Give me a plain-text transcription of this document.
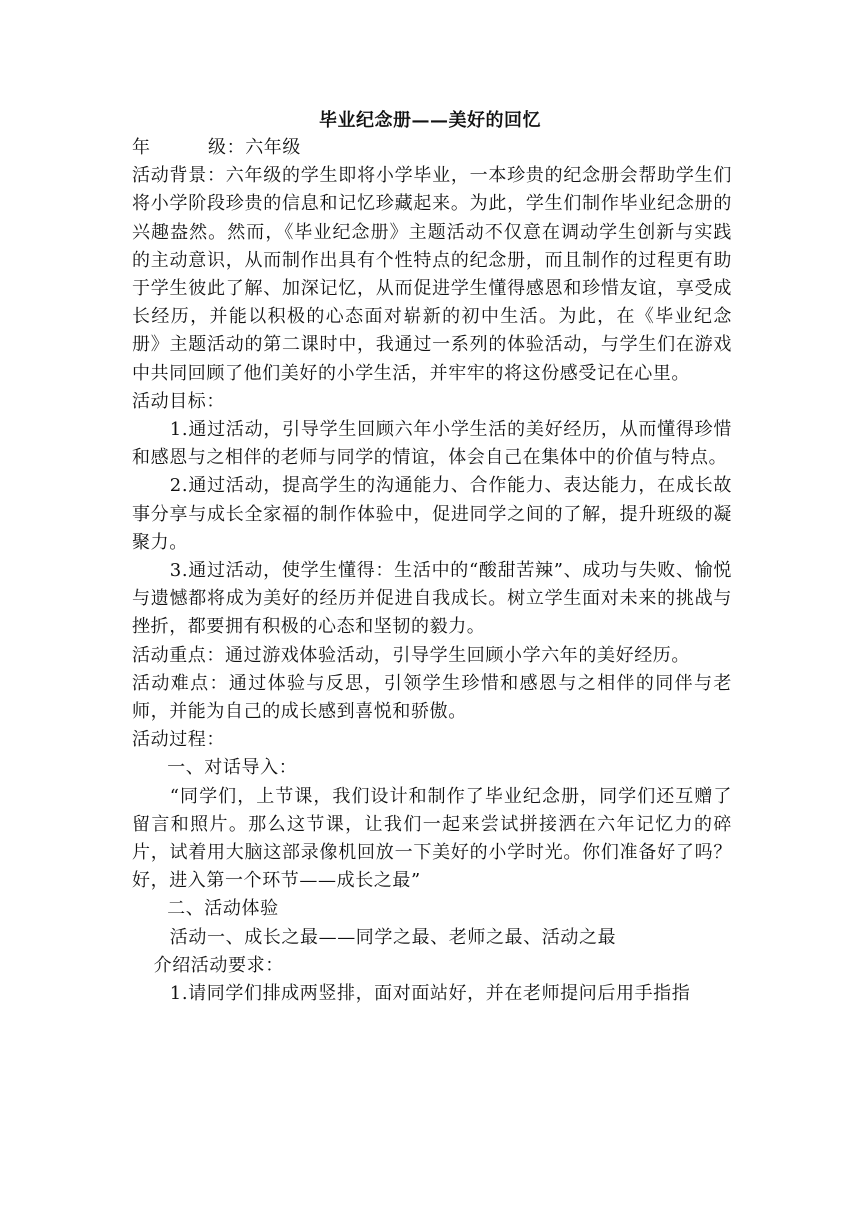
毕业纪念册——美好的回忆

年	级：六年级

活动背景：六年级的学生即将小学毕业，一本珍贵的纪念册会帮助学生们将小学阶段珍贵的信息和记忆珍藏起来。为此，学生们制作毕业纪念册的兴趣盎然。然而，《毕业纪念册》主题活动不仅意在调动学生创新与实践的主动意识，从而制作出具有个性特点的纪念册，而且制作的过程更有助于学生彼此了解、加深记忆，从而促进学生懂得感恩和珍惜友谊，享受成长经历，并能以积极的心态面对崭新的初中生活。为此，在《毕业纪念册》主题活动的第二课时中，我通过一系列的体验活动，与学生们在游戏中共同回顾了他们美好的小学生活，并牢牢的将这份感受记在心里。

活动目标：

1.通过活动，引导学生回顾六年小学生活的美好经历，从而懂得珍惜和感恩与之相伴的老师与同学的情谊，体会自己在集体中的价值与特点。

2.通过活动，提高学生的沟通能力、合作能力、表达能力，在成长故事分享与成长全家福的制作体验中，促进同学之间的了解，提升班级的凝聚力。

3.通过活动，使学生懂得：生活中的“酸甜苦辣”、成功与失败、愉悦与遗憾都将成为美好的经历并促进自我成长。树立学生面对未来的挑战与挫折，都要拥有积极的心态和坚韧的毅力。

活动重点：通过游戏体验活动，引导学生回顾小学六年的美好经历。

活动难点：通过体验与反思，引领学生珍惜和感恩与之相伴的同伴与老师，并能为自己的成长感到喜悦和骄傲。

活动过程：

一、对话导入：

“同学们，上节课，我们设计和制作了毕业纪念册，同学们还互赠了留言和照片。那么这节课，让我们一起来尝试拼接洒在六年记忆力的碎片，试着用大脑这部录像机回放一下美好的小学时光。你们准备好了吗？好，进入第一个环节——成长之最”

二、活动体验

活动一、成长之最——同学之最、老师之最、活动之最

介绍活动要求：

1.请同学们排成两竖排，面对面站好，并在老师提问后用手指指
